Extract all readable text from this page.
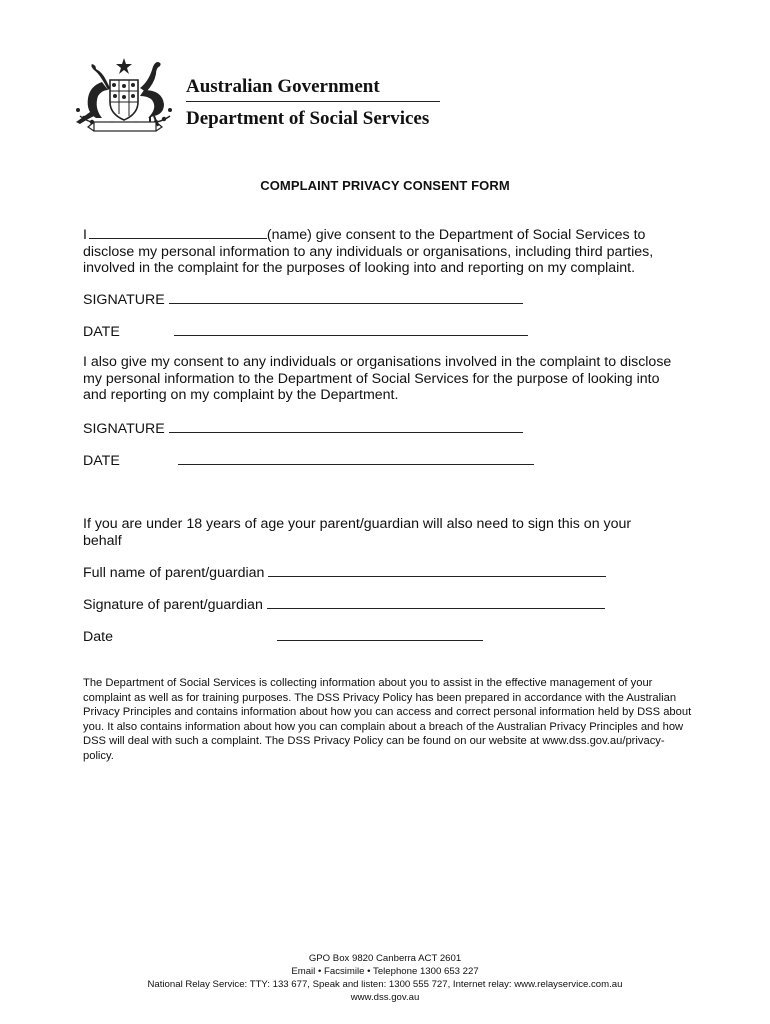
Australian Government
Department of Social Services
COMPLAINT PRIVACY CONSENT FORM
I	(name) give consent to the Department of Social Services to disclose my personal information to any individuals or organisations, including third parties, involved in the complaint for the purposes of looking into and reporting on my complaint.
SIGNATURE
DATE
I also give my consent to any individuals or organisations involved in the complaint to disclose my personal information to the Department of Social Services for the purpose of looking into and reporting on my complaint by the Department.
SIGNATURE
DATE
If you are under 18 years of age your parent/guardian will also need to sign this on your behalf
Full name of parent/guardian
Signature of parent/guardian
Date
The Department of Social Services is collecting information about you to assist in the effective management of your complaint as well as for training purposes. The DSS Privacy Policy has been prepared in accordance with the Australian Privacy Principles and contains information about how you can access and correct personal information held by DSS about you. It also contains information about how you can complain about a breach of the Australian Privacy Principles and how DSS will deal with such a complaint. The DSS Privacy Policy can be found on our website at www.dss.gov.au/privacy-policy.
GPO Box 9820 Canberra ACT 2601
Email • Facsimile • Telephone 1300 653 227
National Relay Service: TTY: 133 677, Speak and listen: 1300 555 727, Internet relay: www.relayservice.com.au
www.dss.gov.au
